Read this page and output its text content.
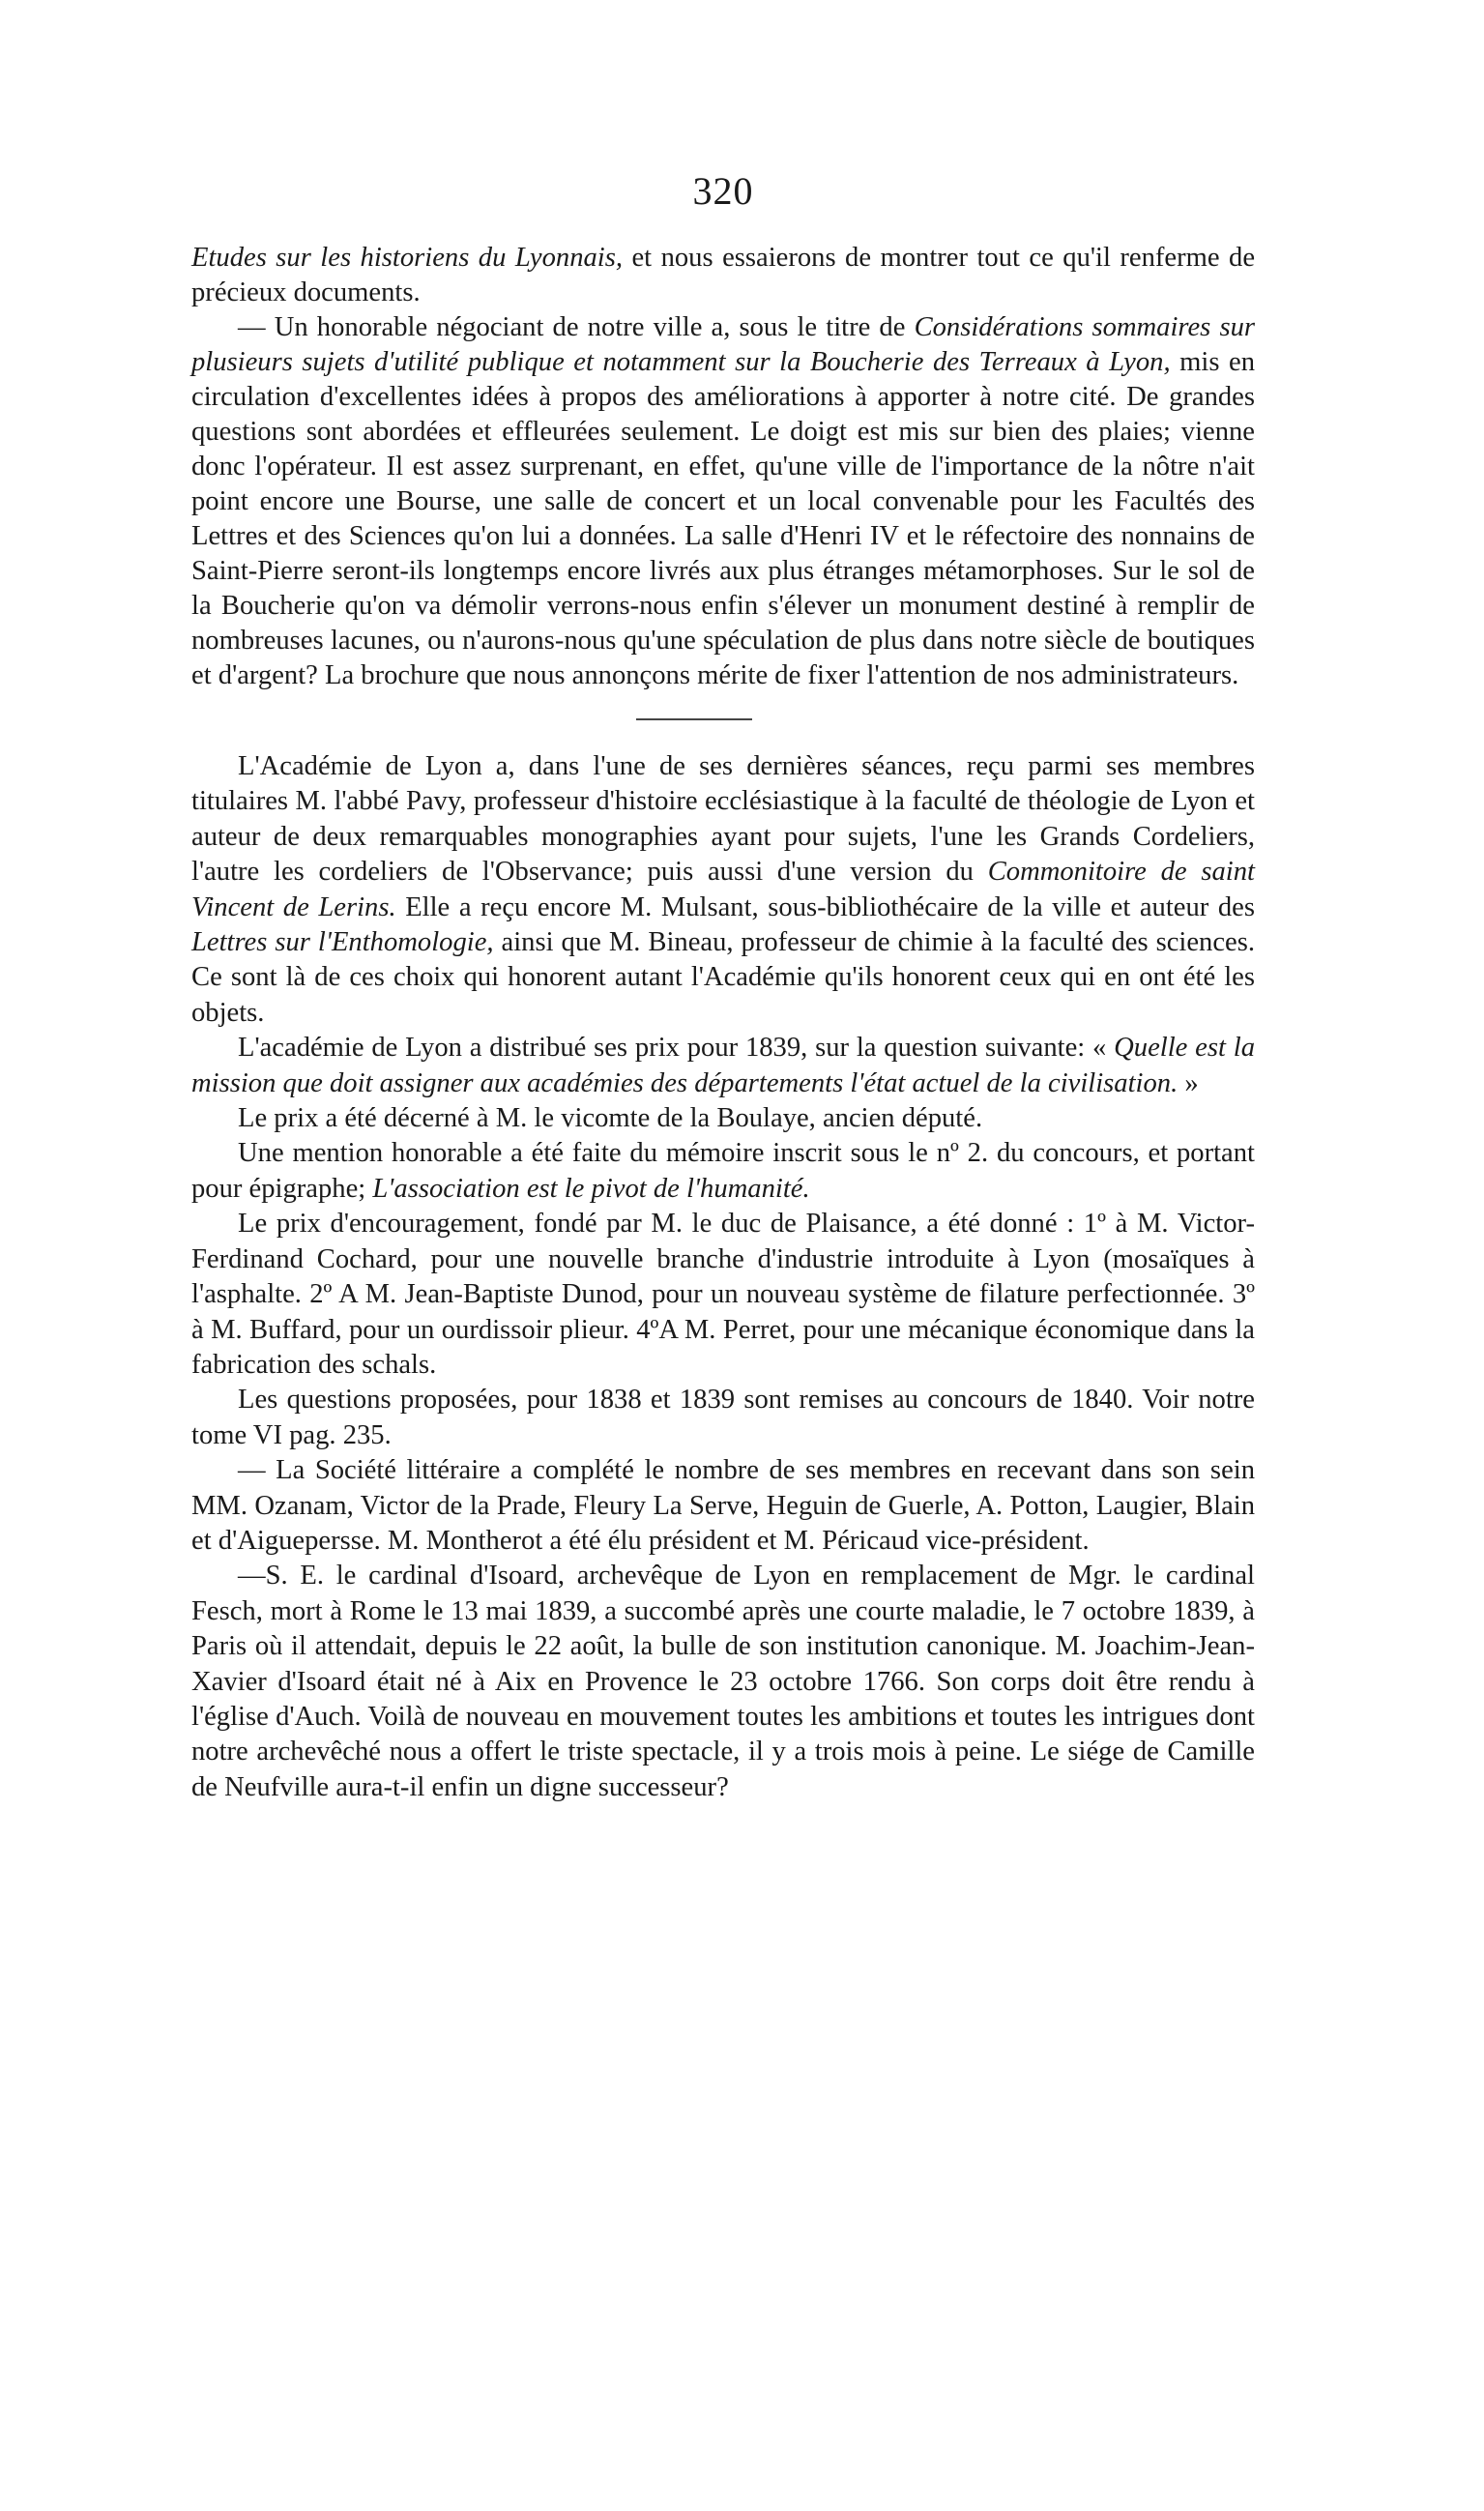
320

Etudes sur les historiens du Lyonnais, et nous essaierons de montrer tout ce qu'il renferme de précieux documents.

— Un honorable négociant de notre ville a, sous le titre de Considérations sommaires sur plusieurs sujets d'utilité publique et notamment sur la Boucherie des Terreaux à Lyon, mis en circulation d'excellentes idées à propos des améliorations à apporter à notre cité. De grandes questions sont abordées et effleurées seulement. Le doigt est mis sur bien des plaies; vienne donc l'opérateur. Il est assez surprenant, en effet, qu'une ville de l'importance de la nôtre n'ait point encore une Bourse, une salle de concert et un local convenable pour les Facultés des Lettres et des Sciences qu'on lui a données. La salle d'Henri IV et le réfectoire des nonnains de Saint-Pierre seront-ils longtemps encore livrés aux plus étranges métamorphoses. Sur le sol de la Boucherie qu'on va démolir verrons-nous enfin s'élever un monument destiné à remplir de nombreuses lacunes, ou n'aurons-nous qu'une spéculation de plus dans notre siècle de boutiques et d'argent? La brochure que nous annonçons mérite de fixer l'attention de nos administrateurs.

L'Académie de Lyon a, dans l'une de ses dernières séances, reçu parmi ses membres titulaires M. l'abbé Pavy, professeur d'histoire ecclésiastique à la faculté de théologie de Lyon et auteur de deux remarquables monographies ayant pour sujets, l'une les Grands Cordeliers, l'autre les cordeliers de l'Observance; puis aussi d'une version du Commonitoire de saint Vincent de Lerins. Elle a reçu encore M. Mulsant, sous-bibliothécaire de la ville et auteur des Lettres sur l'Enthomologie, ainsi que M. Bineau, professeur de chimie à la faculté des sciences. Ce sont là de ces choix qui honorent autant l'Académie qu'ils honorent ceux qui en ont été les objets.

L'académie de Lyon a distribué ses prix pour 1839, sur la question suivante: « Quelle est la mission que doit assigner aux académies des départements l'état actuel de la civilisation. »

Le prix a été décerné à M. le vicomte de la Boulaye, ancien député.

Une mention honorable a été faite du mémoire inscrit sous le nº 2. du concours, et portant pour épigraphe; L'association est le pivot de l'humanité.

Le prix d'encouragement, fondé par M. le duc de Plaisance, a été donné : 1º à M. Victor-Ferdinand Cochard, pour une nouvelle branche d'industrie introduite à Lyon (mosaïques à l'asphalte. 2º A M. Jean-Baptiste Dunod, pour un nouveau système de filature perfectionnée. 3º à M. Buffard, pour un ourdissoir plieur. 4ºA M. Perret, pour une mécanique économique dans la fabrication des schals.

Les questions proposées, pour 1838 et 1839 sont remises au concours de 1840. Voir notre tome VI pag. 235.

— La Société littéraire a complété le nombre de ses membres en recevant dans son sein MM. Ozanam, Victor de la Prade, Fleury La Serve, Heguin de Guerle, A. Potton, Laugier, Blain et d'Aiguepersse. M. Montherot a été élu président et M. Péricaud vice-président.

—S. E. le cardinal d'Isoard, archevêque de Lyon en remplacement de Mgr. le cardinal Fesch, mort à Rome le 13 mai 1839, a succombé après une courte maladie, le 7 octobre 1839, à Paris où il attendait, depuis le 22 août, la bulle de son institution canonique. M. Joachim-Jean-Xavier d'Isoard était né à Aix en Provence le 23 octobre 1766. Son corps doit être rendu à l'église d'Auch. Voilà de nouveau en mouvement toutes les ambitions et toutes les intrigues dont notre archevêché nous a offert le triste spectacle, il y a trois mois à peine. Le siége de Camille de Neufville aura-t-il enfin un digne successeur?
